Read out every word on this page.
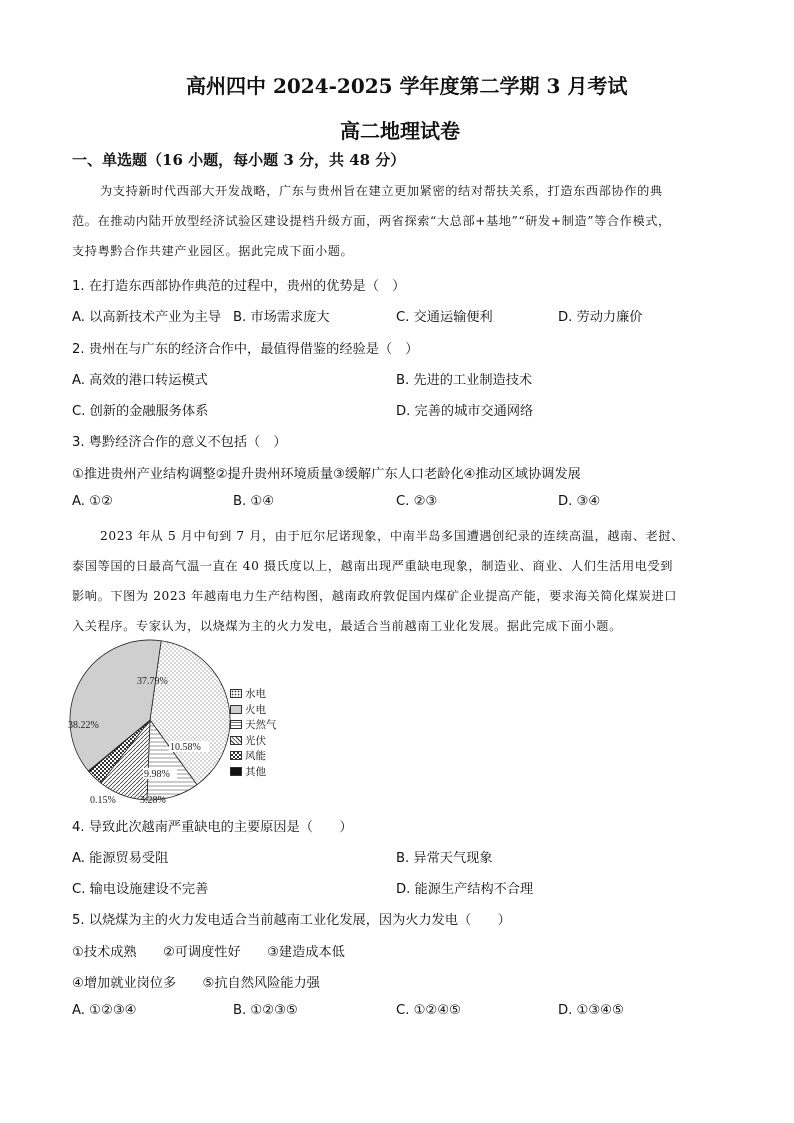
高州四中 2024-2025 学年度第二学期 3 月考试
高二地理试卷
一、单选题（16 小题，每小题 3 分，共 48 分）
为支持新时代西部大开发战略，广东与贵州旨在建立更加紧密的结对帮扶关系，打造东西部协作的典
范。在推动内陆开放型经济试验区建设提档升级方面，两省探索“大总部+基地”“研发+制造”等合作模式，
支持粤黔合作共建产业园区。据此完成下面小题。
1. 在打造东西部协作典范的过程中，贵州的优势是（　）
A. 以高新技术产业为主导 B. 市场需求庞大	C. 交通运输便利	D. 劳动力廉价
2. 贵州在与广东的经济合作中，最值得借鉴的经验是（　）
A. 高效的港口转运模式	B. 先进的工业制造技术
C. 创新的金融服务体系	D. 完善的城市交通网络
3. 粤黔经济合作的意义不包括（　）
①推进贵州产业结构调整②提升贵州环境质量③缓解广东人口老龄化④推动区域协调发展
A. ①②	B. ①④	C. ②③	D. ③④
2023 年从 5 月中旬到 7 月，由于厄尔尼诺现象，中南半岛多国遭遇创纪录的连续高温，越南、老挝、
泰国等国的日最高气温一直在 40 摄氏度以上，越南出现严重缺电现象，制造业、商业、人们生活用电受到
影响。下图为 2023 年越南电力生产结构图，越南政府敦促国内煤矿企业提高产能，要求海关简化煤炭进口
入关程序。专家认为，以烧煤为主的火力发电，最适合当前越南工业化发展。据此完成下面小题。
37.79%
38.22%
10.58%
9.98%
3.28%
0.15%
水电
火电
天然气
光伏
风能
其他
4. 导致此次越南严重缺电的主要原因是（　　）
A. 能源贸易受阻	B. 异常天气现象
C. 输电设施建设不完善	D. 能源生产结构不合理
5. 以烧煤为主的火力发电适合当前越南工业化发展，因为火力发电（　　）
①技术成熟　　②可调度性好　　③建造成本低
④增加就业岗位多　　⑤抗自然风险能力强
A. ①②③④	B. ①②③⑤	C. ①②④⑤	D. ①③④⑤
